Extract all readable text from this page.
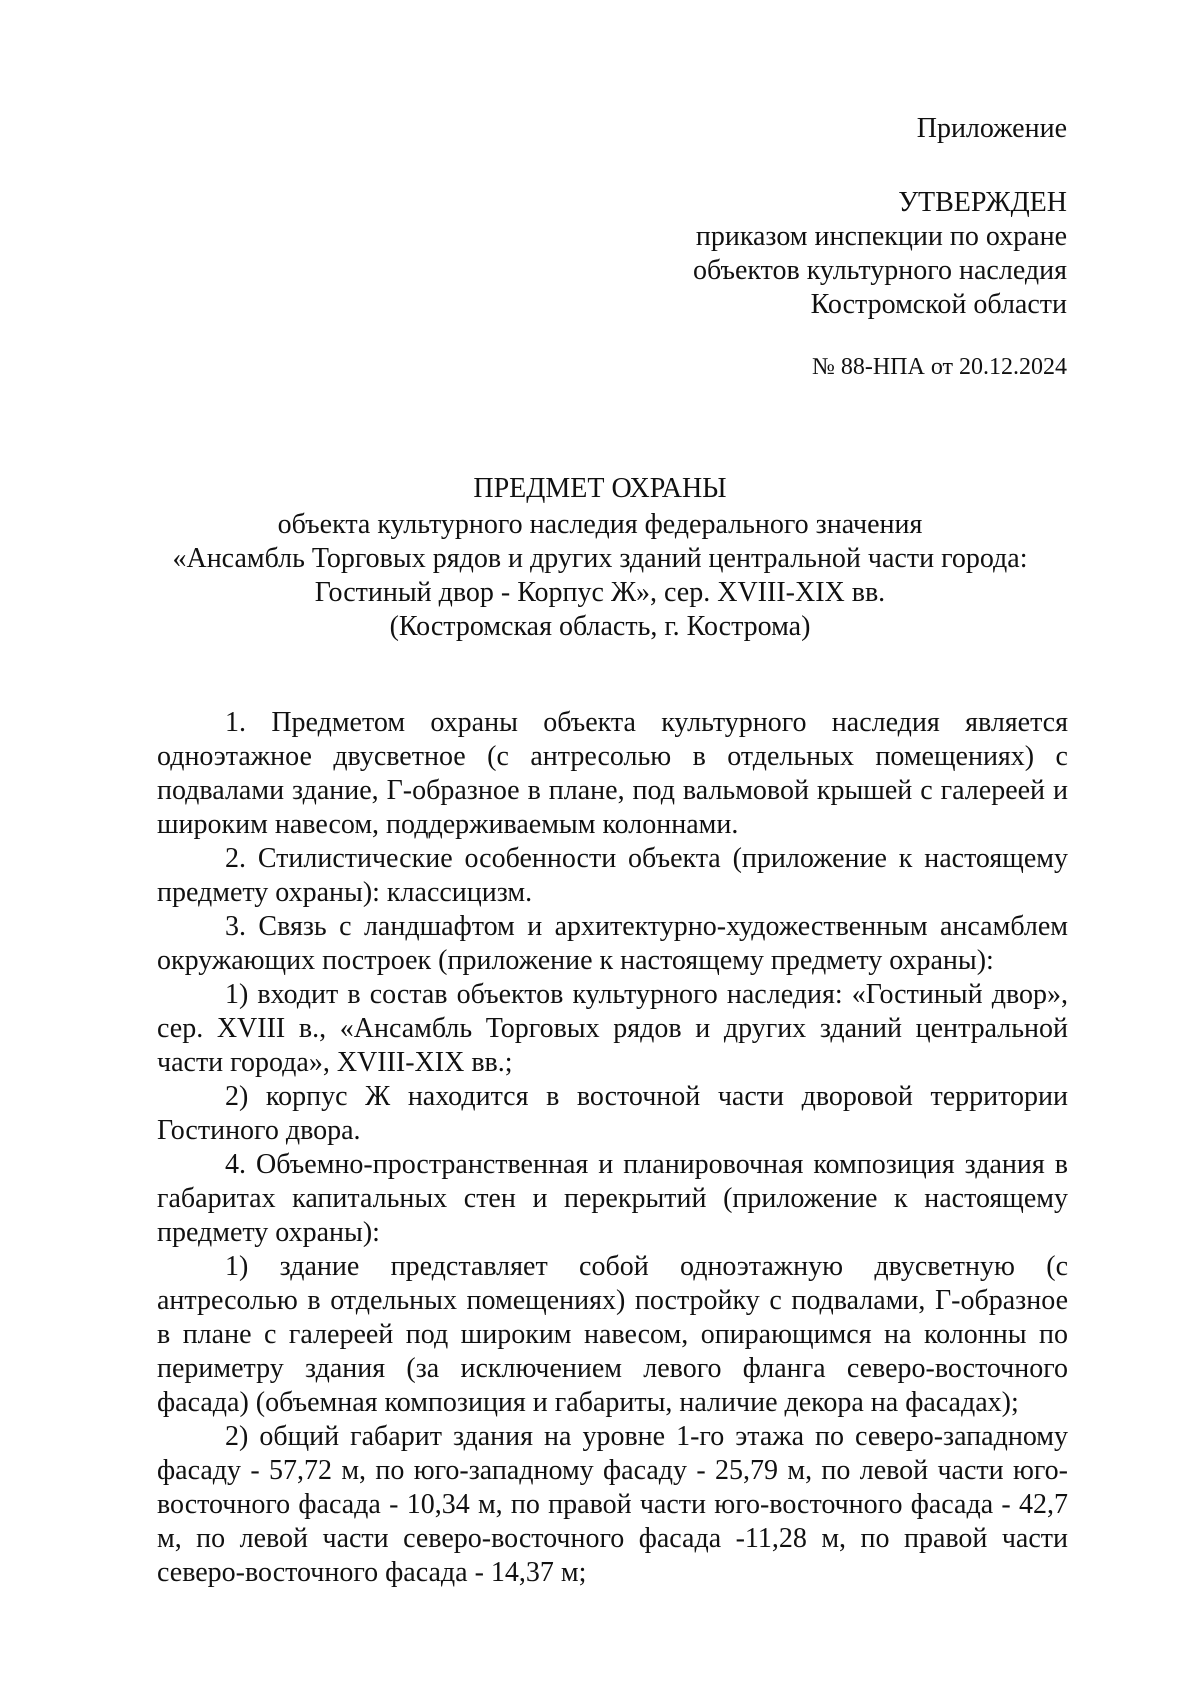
Приложение
УТВЕРЖДЕН
приказом инспекции по охране
объектов культурного наследия
Костромской области
№ 88-НПА от 20.12.2024
ПРЕДМЕТ ОХРАНЫ
объекта культурного наследия федерального значения
«Ансамбль Торговых рядов и других зданий центральной части города:
Гостиный двор - Корпус Ж», сер. XVIII-XIX вв.
(Костромская область, г. Кострома)

1. Предметом охраны объекта культурного наследия является одноэтажное двусветное (с антресолью в отдельных помещениях) с подвалами здание, Г-образное в плане, под вальмовой крышей с галереей и широким навесом, поддерживаемым колоннами.

2. Стилистические особенности объекта (приложение к настоящему предмету охраны): классицизм.

3. Связь с ландшафтом и архитектурно-художественным ансамблем окружающих построек (приложение к настоящему предмету охраны):

1) входит в состав объектов культурного наследия: «Гостиный двор», сер. XVIII в., «Ансамбль Торговых рядов и других зданий центральной части города», XVIII-XIX вв.;

2) корпус Ж находится в восточной части дворовой территории Гостиного двора.

4. Объемно-пространственная и планировочная композиция здания в габаритах капитальных стен и перекрытий (приложение к настоящему предмету охраны):

1) здание представляет собой одноэтажную двусветную (с антресолью в отдельных помещениях) постройку с подвалами, Г-образное в плане с галереей под широким навесом, опирающимся на колонны по периметру здания (за исключением левого фланга северо-восточного фасада) (объемная композиция и габариты, наличие декора на фасадах);

2) общий габарит здания на уровне 1-го этажа по северо-западному фасаду - 57,72 м, по юго-западному фасаду - 25,79 м, по левой части юго-восточного фасада - 10,34 м, по правой части юго-восточного фасада - 42,7 м, по левой части северо-восточного фасада -11,28 м, по правой части северо-восточного фасада - 14,37 м;
